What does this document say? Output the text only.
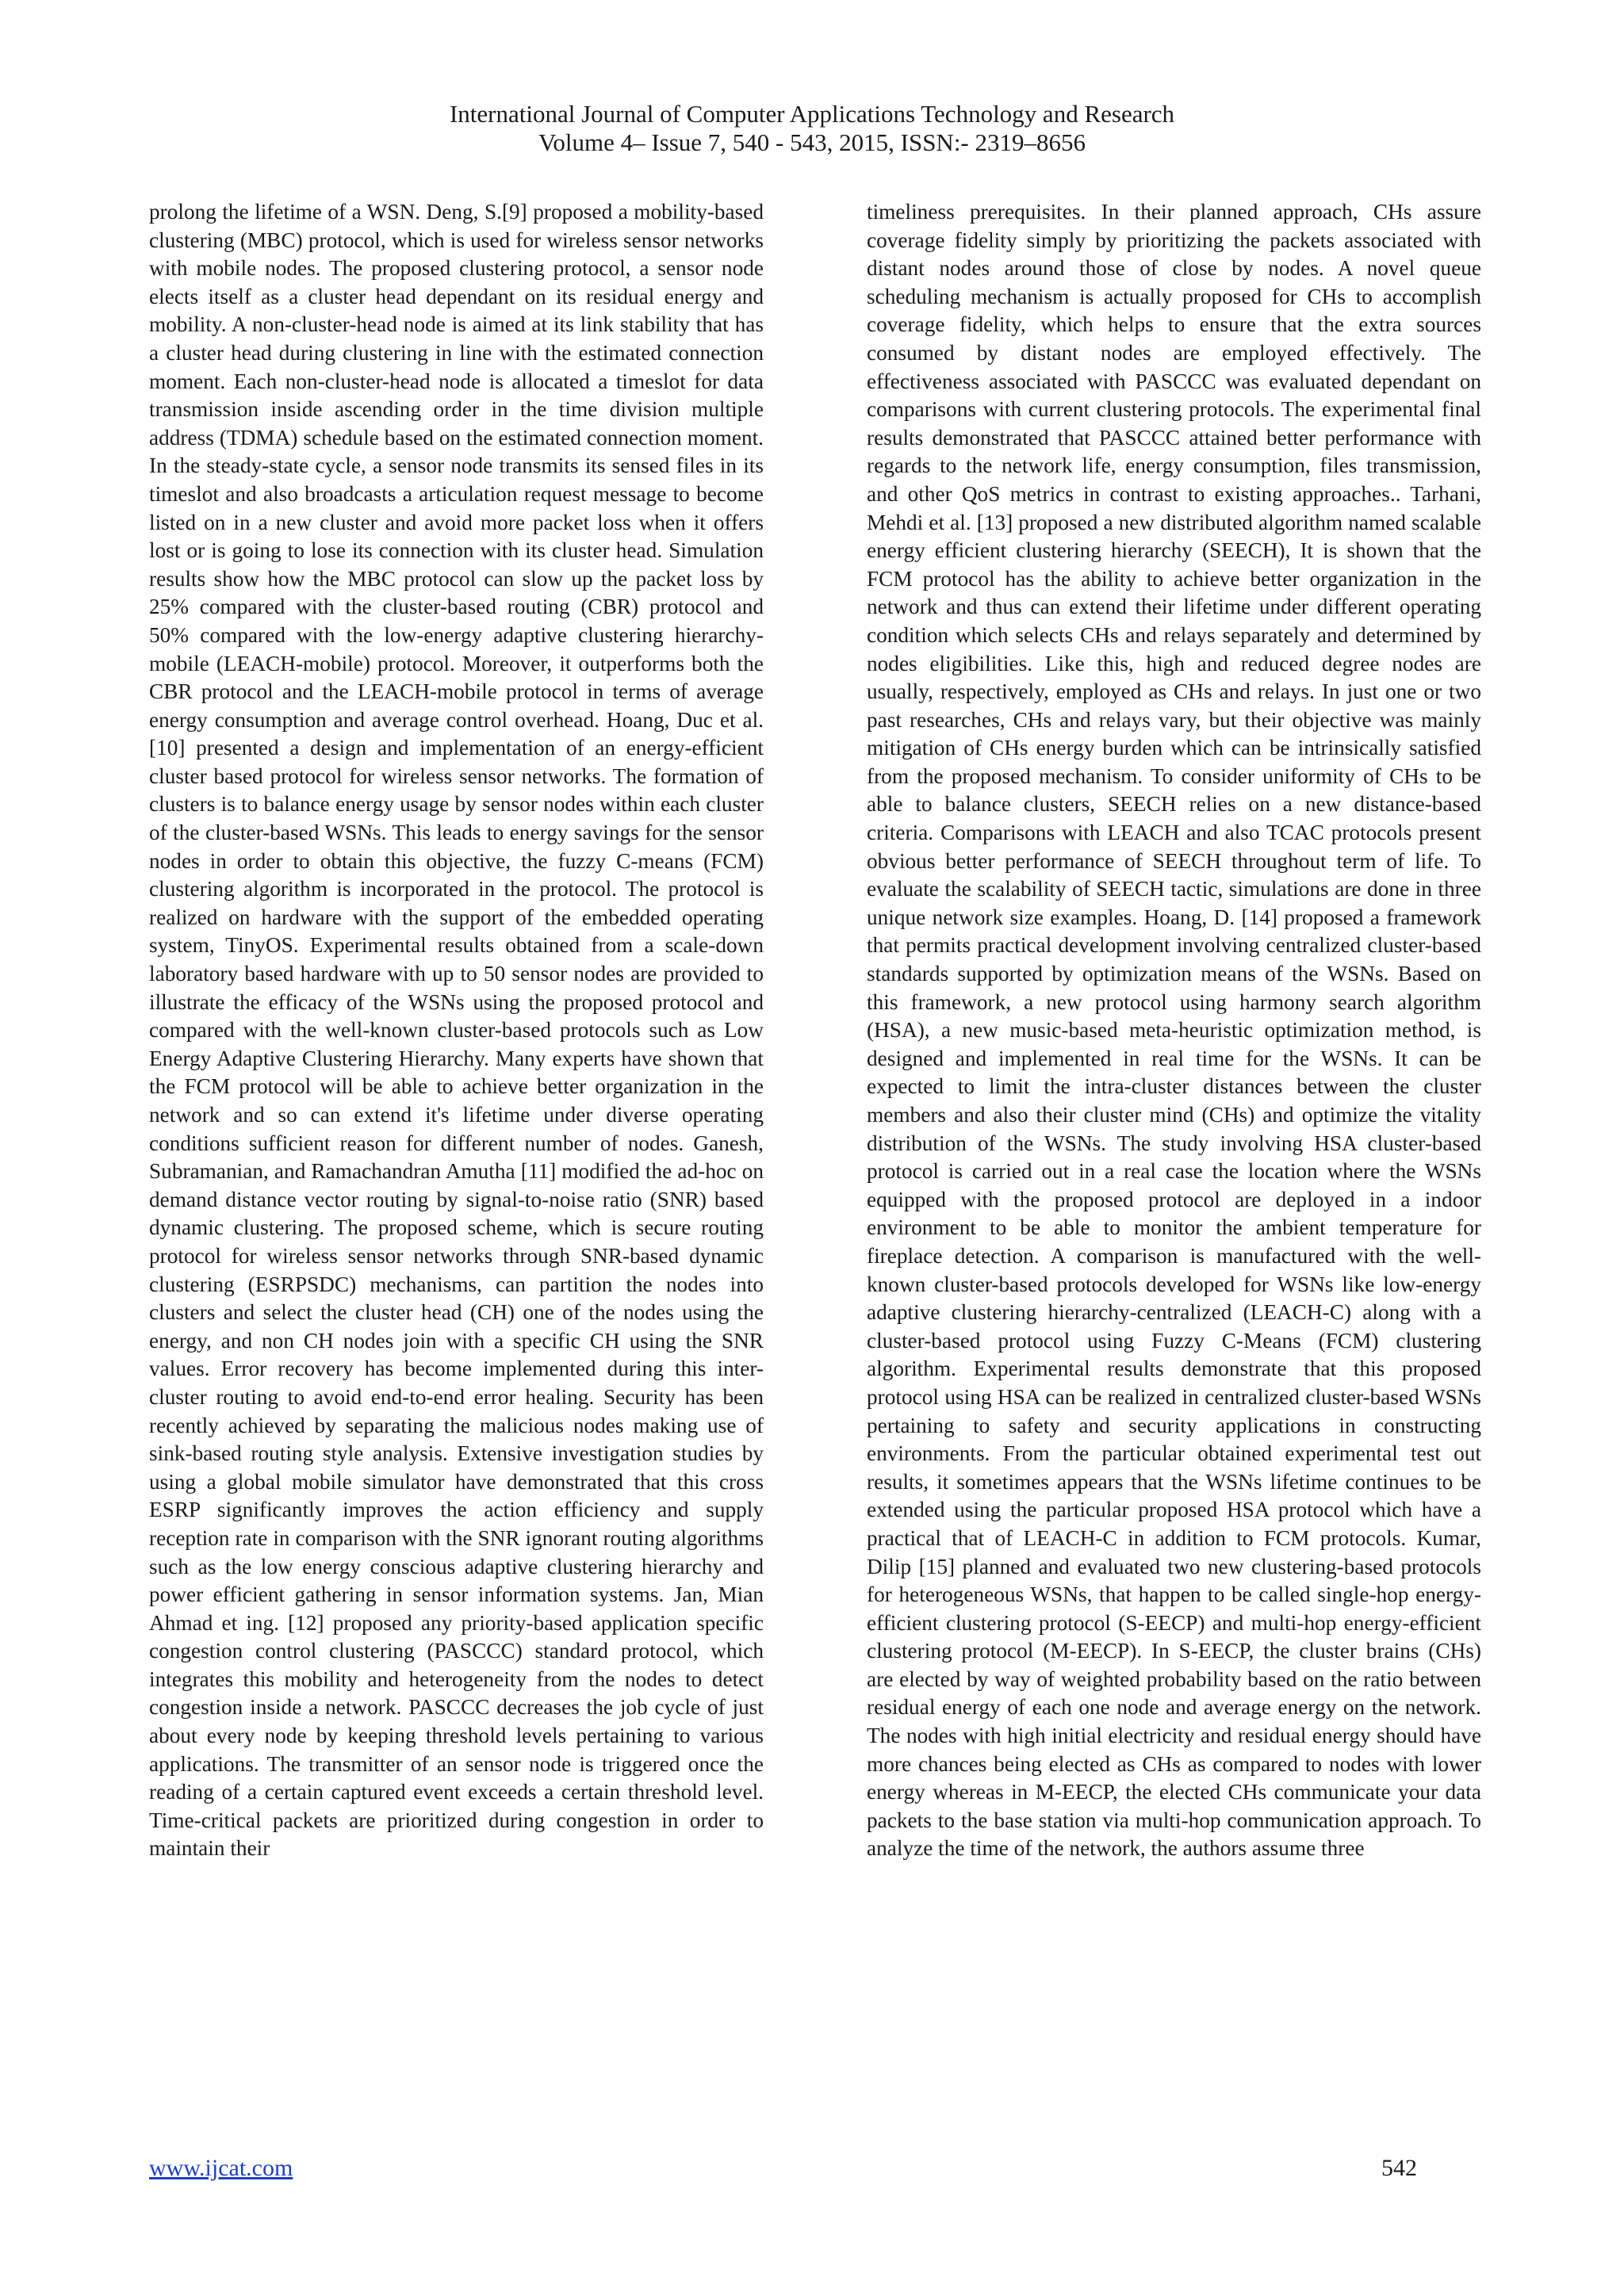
International Journal of Computer Applications Technology and Research
Volume 4– Issue 7, 540 - 543, 2015, ISSN:- 2319–8656

prolong the lifetime of a WSN. Deng, S.[9] proposed a mobility-based clustering (MBC) protocol, which is used for wireless sensor networks with mobile nodes. The proposed clustering protocol, a sensor node elects itself as a cluster head dependant on its residual energy and mobility. A non-cluster-head node is aimed at its link stability that has a cluster head during clustering in line with the estimated connection moment. Each non-cluster-head node is allocated a timeslot for data transmission inside ascending order in the time division multiple address (TDMA) schedule based on the estimated connection moment. In the steady-state cycle, a sensor node transmits its sensed files in its timeslot and also broadcasts a articulation request message to become listed on in a new cluster and avoid more packet loss when it offers lost or is going to lose its connection with its cluster head. Simulation results show how the MBC protocol can slow up the packet loss by 25% compared with the cluster-based routing (CBR) protocol and 50% compared with the low-energy adaptive clustering hierarchy-mobile (LEACH-mobile) protocol. Moreover, it outperforms both the CBR protocol and the LEACH-mobile protocol in terms of average energy consumption and average control overhead. Hoang, Duc et al. [10] presented a design and implementation of an energy-efficient cluster based protocol for wireless sensor networks. The formation of clusters is to balance energy usage by sensor nodes within each cluster of the cluster-based WSNs. This leads to energy savings for the sensor nodes in order to obtain this objective, the fuzzy C-means (FCM) clustering algorithm is incorporated in the protocol. The protocol is realized on hardware with the support of the embedded operating system, TinyOS. Experimental results obtained from a scale-down laboratory based hardware with up to 50 sensor nodes are provided to illustrate the efficacy of the WSNs using the proposed protocol and compared with the well-known cluster-based protocols such as Low Energy Adaptive Clustering Hierarchy. Many experts have shown that the FCM protocol will be able to achieve better organization in the network and so can extend it's lifetime under diverse operating conditions sufficient reason for different number of nodes. Ganesh, Subramanian, and Ramachandran Amutha [11] modified the ad-hoc on demand distance vector routing by signal-to-noise ratio (SNR) based dynamic clustering. The proposed scheme, which is secure routing protocol for wireless sensor networks through SNR-based dynamic clustering (ESRPSDC) mechanisms, can partition the nodes into clusters and select the cluster head (CH) one of the nodes using the energy, and non CH nodes join with a specific CH using the SNR values. Error recovery has become implemented during this inter-cluster routing to avoid end-to-end error healing. Security has been recently achieved by separating the malicious nodes making use of sink-based routing style analysis. Extensive investigation studies by using a global mobile simulator have demonstrated that this cross ESRP significantly improves the action efficiency and supply reception rate in comparison with the SNR ignorant routing algorithms such as the low energy conscious adaptive clustering hierarchy and power efficient gathering in sensor information systems. Jan, Mian Ahmad et ing. [12] proposed any priority-based application specific congestion control clustering (PASCCC) standard protocol, which integrates this mobility and heterogeneity from the nodes to detect congestion inside a network. PASCCC decreases the job cycle of just about every node by keeping threshold levels pertaining to various applications. The transmitter of an sensor node is triggered once the reading of a certain captured event exceeds a certain threshold level. Time-critical packets are prioritized during congestion in order to maintain their

timeliness prerequisites. In their planned approach, CHs assure coverage fidelity simply by prioritizing the packets associated with distant nodes around those of close by nodes. A novel queue scheduling mechanism is actually proposed for CHs to accomplish coverage fidelity, which helps to ensure that the extra sources consumed by distant nodes are employed effectively. The effectiveness associated with PASCCC was evaluated dependant on comparisons with current clustering protocols. The experimental final results demonstrated that PASCCC attained better performance with regards to the network life, energy consumption, files transmission, and other QoS metrics in contrast to existing approaches.. Tarhani, Mehdi et al. [13] proposed a new distributed algorithm named scalable energy efficient clustering hierarchy (SEECH), It is shown that the FCM protocol has the ability to achieve better organization in the network and thus can extend their lifetime under different operating condition which selects CHs and relays separately and determined by nodes eligibilities. Like this, high and reduced degree nodes are usually, respectively, employed as CHs and relays. In just one or two past researches, CHs and relays vary, but their objective was mainly mitigation of CHs energy burden which can be intrinsically satisfied from the proposed mechanism. To consider uniformity of CHs to be able to balance clusters, SEECH relies on a new distance-based criteria. Comparisons with LEACH and also TCAC protocols present obvious better performance of SEECH throughout term of life. To evaluate the scalability of SEECH tactic, simulations are done in three unique network size examples. Hoang, D. [14] proposed a framework that permits practical development involving centralized cluster-based standards supported by optimization means of the WSNs. Based on this framework, a new protocol using harmony search algorithm (HSA), a new music-based meta-heuristic optimization method, is designed and implemented in real time for the WSNs. It can be expected to limit the intra-cluster distances between the cluster members and also their cluster mind (CHs) and optimize the vitality distribution of the WSNs. The study involving HSA cluster-based protocol is carried out in a real case the location where the WSNs equipped with the proposed protocol are deployed in a indoor environment to be able to monitor the ambient temperature for fireplace detection. A comparison is manufactured with the well-known cluster-based protocols developed for WSNs like low-energy adaptive clustering hierarchy-centralized (LEACH-C) along with a cluster-based protocol using Fuzzy C-Means (FCM) clustering algorithm. Experimental results demonstrate that this proposed protocol using HSA can be realized in centralized cluster-based WSNs pertaining to safety and security applications in constructing environments. From the particular obtained experimental test out results, it sometimes appears that the WSNs lifetime continues to be extended using the particular proposed HSA protocol which have a practical that of LEACH-C in addition to FCM protocols. Kumar, Dilip [15] planned and evaluated two new clustering-based protocols for heterogeneous WSNs, that happen to be called single-hop energy-efficient clustering protocol (S-EECP) and multi-hop energy-efficient clustering protocol (M-EECP). In S-EECP, the cluster brains (CHs) are elected by way of weighted probability based on the ratio between residual energy of each one node and average energy on the network. The nodes with high initial electricity and residual energy should have more chances being elected as CHs as compared to nodes with lower energy whereas in M-EECP, the elected CHs communicate your data packets to the base station via multi-hop communication approach. To analyze the time of the network, the authors assume three

www.ijcat.com	542
